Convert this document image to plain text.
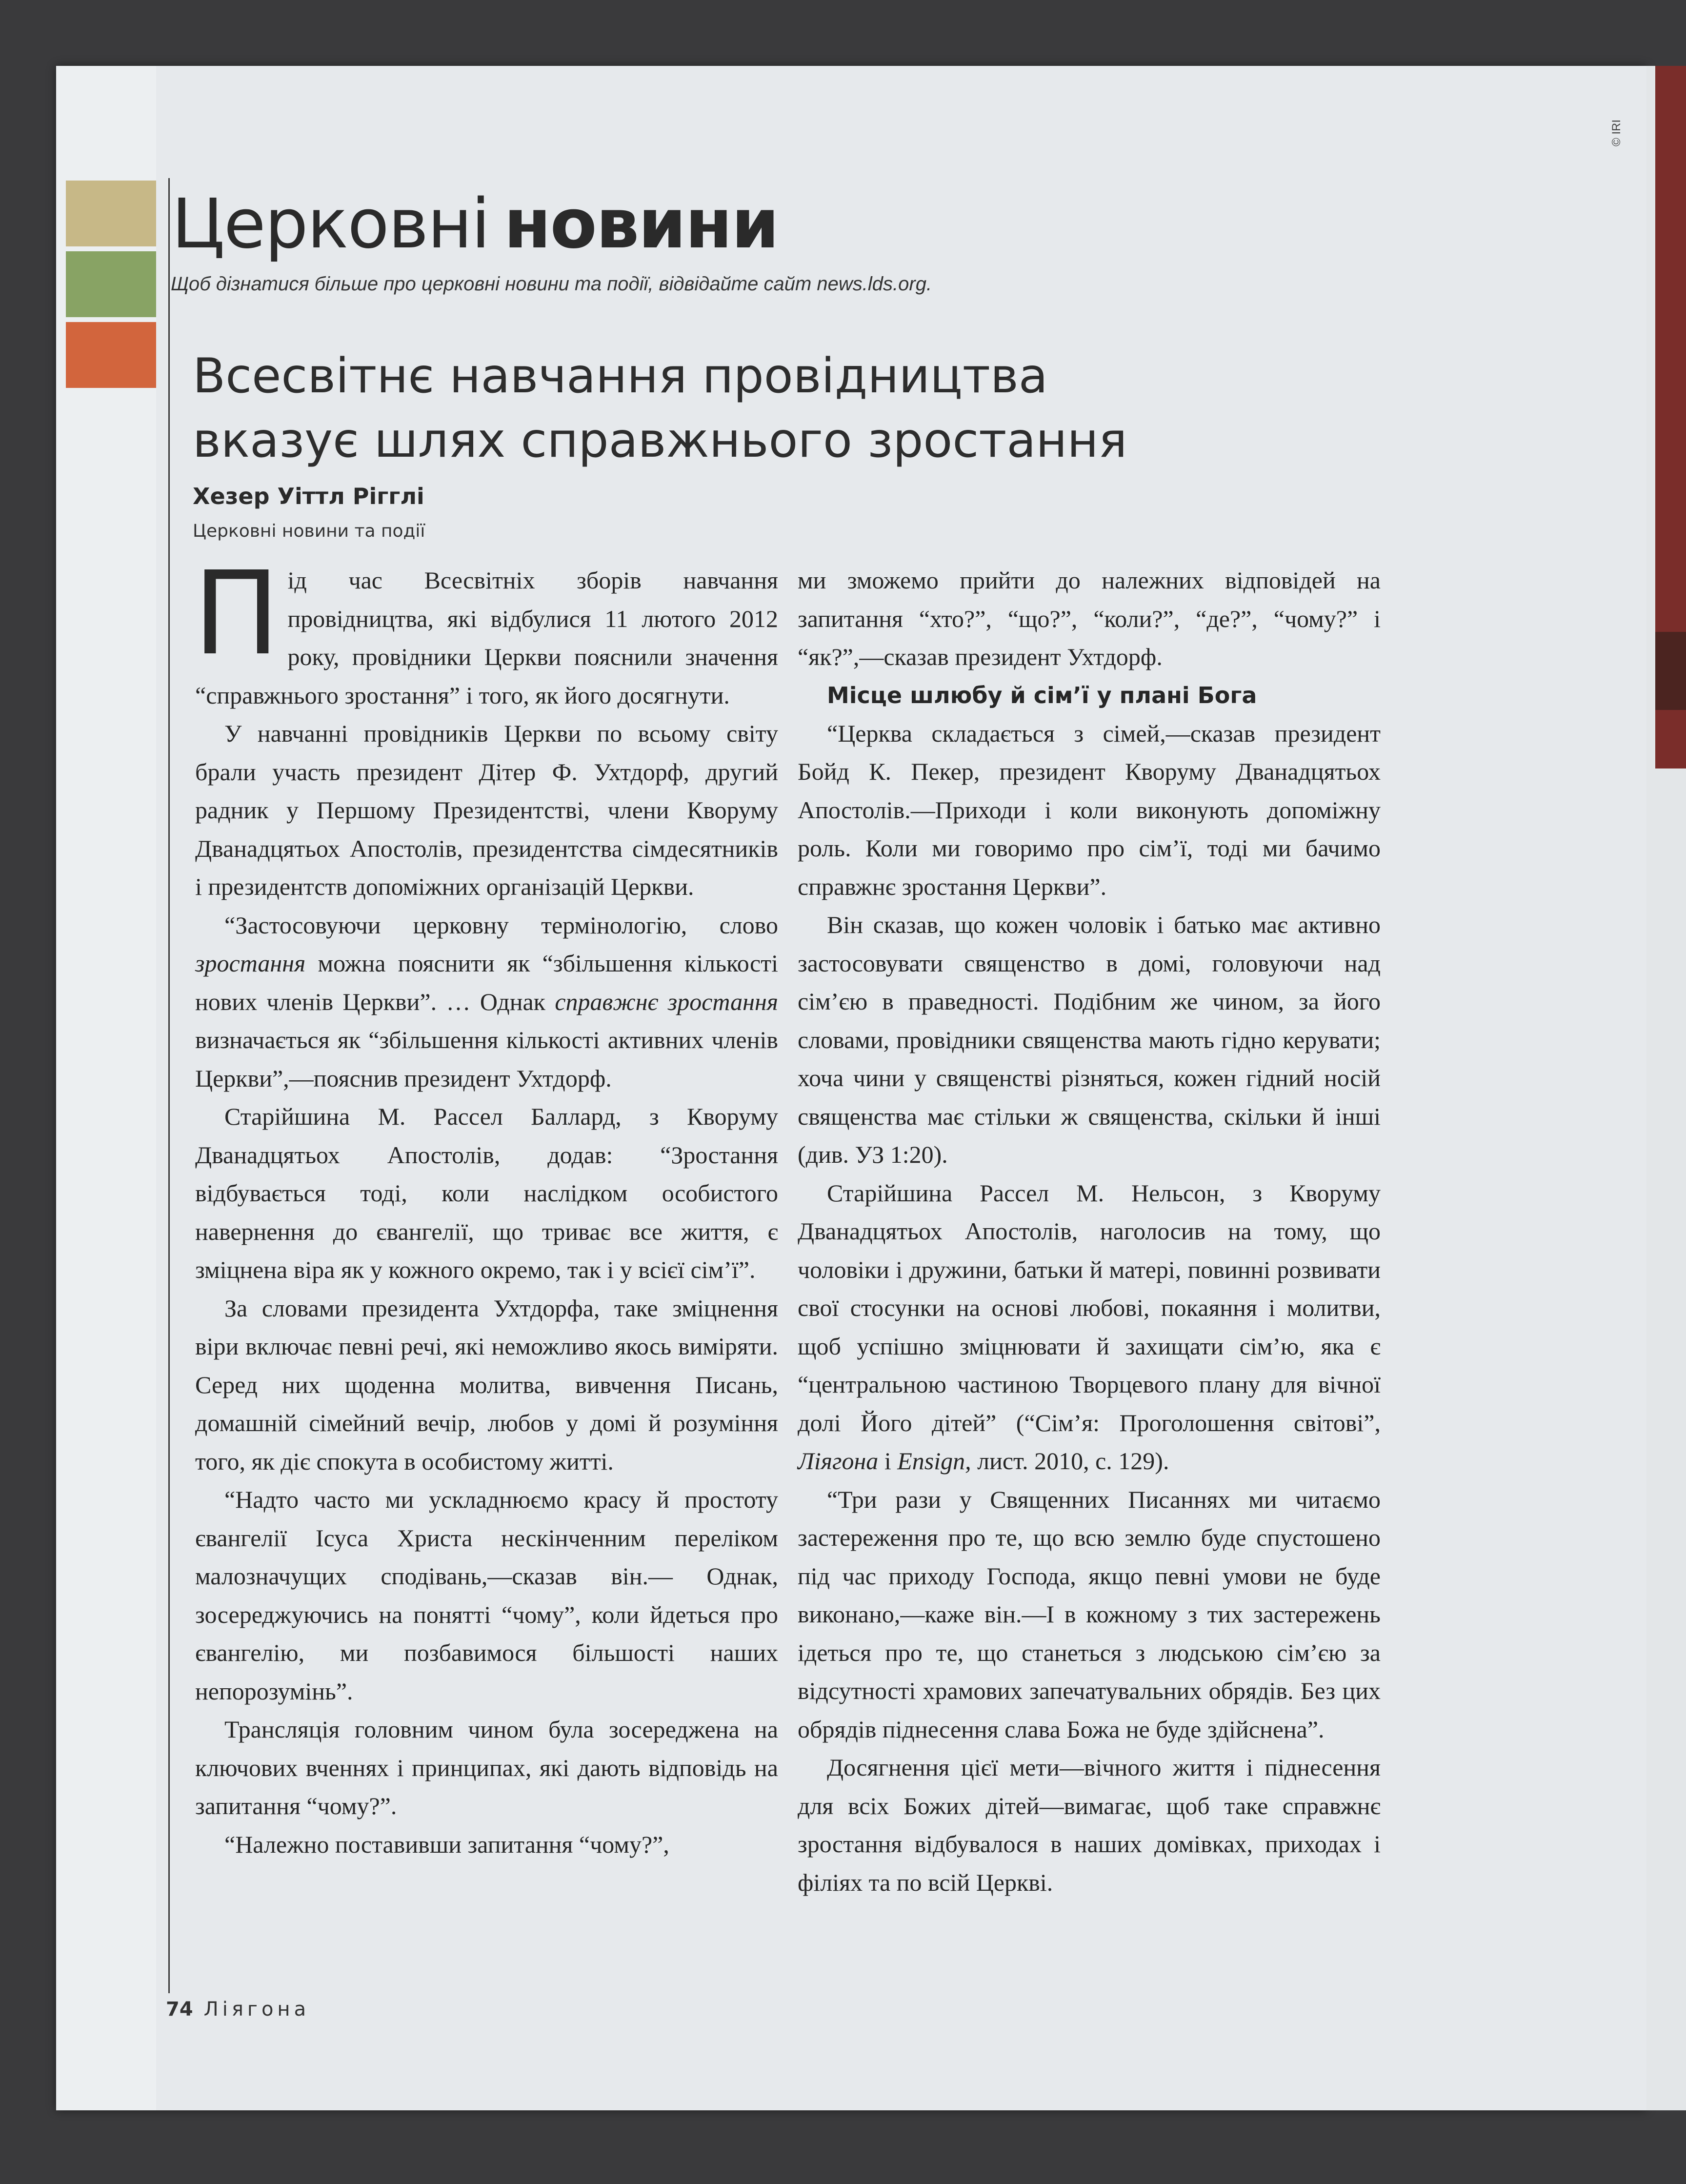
Церковні новини
Щоб дізнатися більше про церковні новини та події, відвідайте сайт news.lds.org.
Всесвітнє навчання провідництва
вказує шлях справжнього зростання
Хезер Уіттл Рігглі
Церковні новини та події

Під час Всесвітніх зборів навчання провідництва, які відбулися 11 лютого 2012 року, провідники Церкви пояснили значення “справжнього зростання” і того, як його досягнути.

У навчанні провідників Церкви по всьому світу брали участь президент Дітер Ф. Ухтдорф, другий радник у Першому Президентстві, члени Кворуму Дванадцятьох Апостолів, президентства сімдесятників і президентств допоміжних організацій Церкви.

“Застосовуючи церковну термінологію, слово зростання можна пояснити як “збільшення кількості нових членів Церкви”. … Однак справжнє зростання визначається як “збільшення кількості активних членів Церкви”,—пояснив президент Ухтдорф.

Старійшина М. Рассел Баллард, з Кворуму Дванадцятьох Апостолів, додав: “Зростання відбувається тоді, коли наслідком особистого навернення до євангелії, що триває все життя, є зміцнена віра як у кожного окремо, так і у всієї сім’ї”.

За словами президента Ухтдорфа, таке зміцнення віри включає певні речі, які неможливо якось виміряти. Серед них щоденна молитва, вивчення Писань, домашній сімейний вечір, любов у домі й розуміння того, як діє спокута в особистому житті.

“Надто часто ми ускладнюємо красу й простоту євангелії Ісуса Христа нескінченним переліком малозначущих сподівань,—сказав він.— Однак, зосереджуючись на понятті “чому”, коли йдеться про євангелію, ми позбавимося більшості наших непорозумінь”.

Трансляція головним чином була зосереджена на ключових вченнях і принципах, які дають відповідь на запитання “чому?”.

“Належно поставивши запитання “чому?”,

ми зможемо прийти до належних відповідей на запитання “хто?”, “що?”, “коли?”, “де?”, “чому?” і “як?”,—сказав президент Ухтдорф.

Місце шлюбу й сім’ї у плані Бога

“Церква складається з сімей,—сказав президент Бойд К. Пекер, президент Кворуму Дванадцятьох Апостолів.—Приходи і коли виконують допоміжну роль. Коли ми говоримо про сім’ї, тоді ми бачимо справжнє зростання Церкви”.

Він сказав, що кожен чоловік і батько має активно застосовувати священство в домі, головуючи над сім’єю в праведності. Подібним же чином, за його словами, провідники священства мають гідно керувати; хоча чини у священстві різняться, кожен гідний носій священства має стільки ж священства, скільки й інші (див. УЗ 1:20).

Старійшина Рассел М. Нельсон, з Кворуму Дванадцятьох Апостолів, наголосив на тому, що чоловіки і дружини, батьки й матері, повинні розвивати свої стосунки на основі любові, покаяння і молитви, щоб успішно зміцнювати й захищати сім’ю, яка є “центральною частиною Творцевого плану для вічної долі Його дітей” (“Сім’я: Проголошення світові”, Ліягона і Ensign, лист. 2010, с. 129).

“Три рази у Священних Писаннях ми читаємо застереження про те, що всю землю буде спустошено під час приходу Господа, якщо певні умови не буде виконано,—каже він.—І в кожному з тих застережень ідеться про те, що станеться з людською сім’єю за відсутності храмових запечатувальних обрядів. Без цих обрядів піднесення слава Божа не буде здійснена”.

Досягнення цієї мети—вічного життя і піднесення для всіх Божих дітей—вимагає, щоб таке справжнє зростання відбувалося в наших домівках, приходах і філіях та по всій Церкві.

74 Ліягона
© IRI
